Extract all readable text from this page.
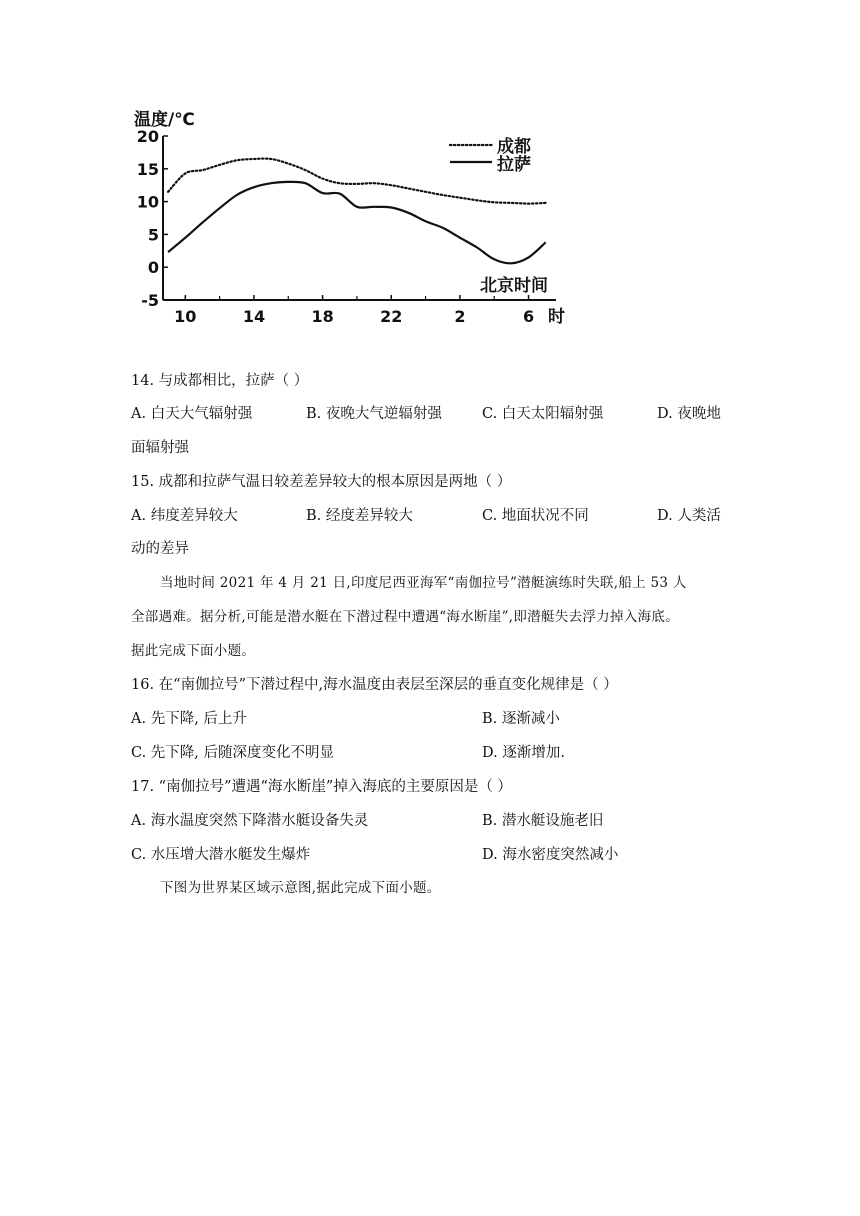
温度/℃
20
15
10
5
0
-5
10	14	18	22	2	6 时
成都
拉萨
北京时间
14. 与成都相比，拉萨（ ）
A. 白天大气辐射强	B. 夜晚大气逆辐射强	C. 白天太阳辐射强	D. 夜晚地
面辐射强
15. 成都和拉萨气温日较差差异较大的根本原因是两地（ ）
A. 纬度差异较大	B. 经度差异较大	C. 地面状况不同	D. 人类活
动的差异
当地时间 2021 年 4 月 21 日,印度尼西亚海军“南伽拉号”潜艇演练时失联,船上 53 人
全部遇难。据分析,可能是潜水艇在下潜过程中遭遇“海水断崖”,即潜艇失去浮力掉入海底。
据此完成下面小题。
16. 在“南伽拉号”下潜过程中,海水温度由表层至深层的垂直变化规律是（ ）
A. 先下降, 后上升	B. 逐渐减小
C. 先下降, 后随深度变化不明显	D. 逐渐增加.
17. “南伽拉号”遭遇“海水断崖”掉入海底的主要原因是（ ）
A. 海水温度突然下降潜水艇设备失灵	B. 潜水艇设施老旧
C. 水压增大潜水艇发生爆炸	D. 海水密度突然减小
下图为世界某区域示意图,据此完成下面小题。
